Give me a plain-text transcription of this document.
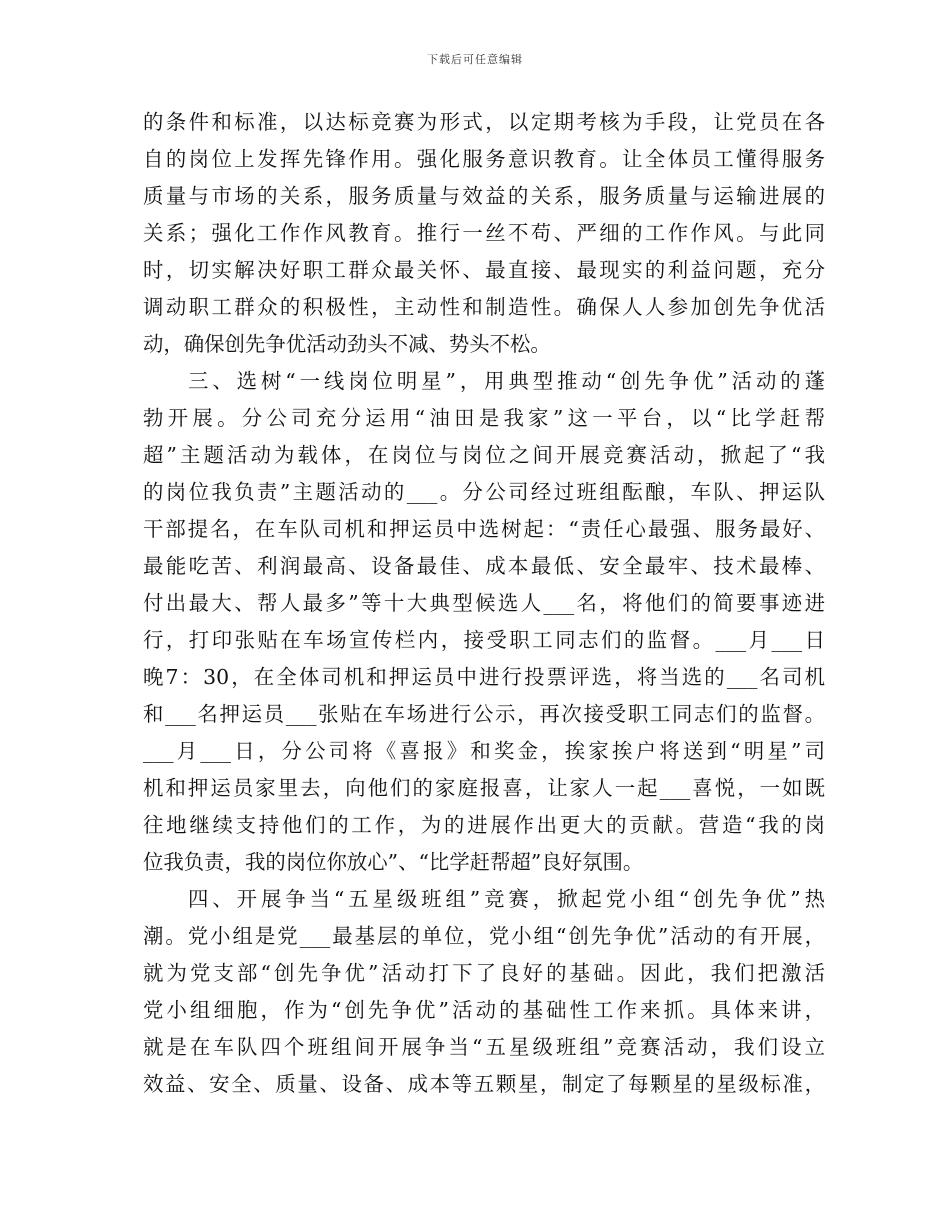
下载后可任意编辑
的条件和标准，以达标竞赛为形式，以定期考核为手段，让党员在各
自的岗位上发挥先锋作用。强化服务意识教育。让全体员工懂得服务
质量与市场的关系，服务质量与效益的关系，服务质量与运输进展的
关系；强化工作作风教育。推行一丝不苟、严细的工作作风。与此同
时，切实解决好职工群众最关怀、最直接、最现实的利益问题，充分
调动职工群众的积极性，主动性和制造性。确保人人参加创先争优活
动，确保创先争优活动劲头不减、势头不松。
三、选树“一线岗位明星”，用典型推动“创先争优”活动的蓬
勃开展。分公司充分运用“油田是我家”这一平台，以“比学赶帮
超”主题活动为载体，在岗位与岗位之间开展竞赛活动，掀起了“我
的岗位我负责”主题活动的___。分公司经过班组酝酿，车队、押运队
干部提名，在车队司机和押运员中选树起：“责任心最强、服务最好、
最能吃苦、利润最高、设备最佳、成本最低、安全最牢、技术最棒、
付出最大、帮人最多”等十大典型候选人___名，将他们的简要事迹进
行，打印张贴在车场宣传栏内，接受职工同志们的监督。___月___日
晚7：30，在全体司机和押运员中进行投票评选，将当选的___名司机
和___名押运员___张贴在车场进行公示，再次接受职工同志们的监督。
___月___日，分公司将《喜报》和奖金，挨家挨户将送到“明星”司
机和押运员家里去，向他们的家庭报喜，让家人一起___喜悦，一如既
往地继续支持他们的工作，为的进展作出更大的贡献。营造“我的岗
位我负责，我的岗位你放心”、“比学赶帮超”良好氛围。
四、开展争当“五星级班组”竞赛，掀起党小组“创先争优”热
潮。党小组是党___最基层的单位，党小组“创先争优”活动的有开展，
就为党支部“创先争优”活动打下了良好的基础。因此，我们把激活
党小组细胞，作为“创先争优”活动的基础性工作来抓。具体来讲，
就是在车队四个班组间开展争当“五星级班组”竞赛活动，我们设立
效益、安全、质量、设备、成本等五颗星，制定了每颗星的星级标准，
